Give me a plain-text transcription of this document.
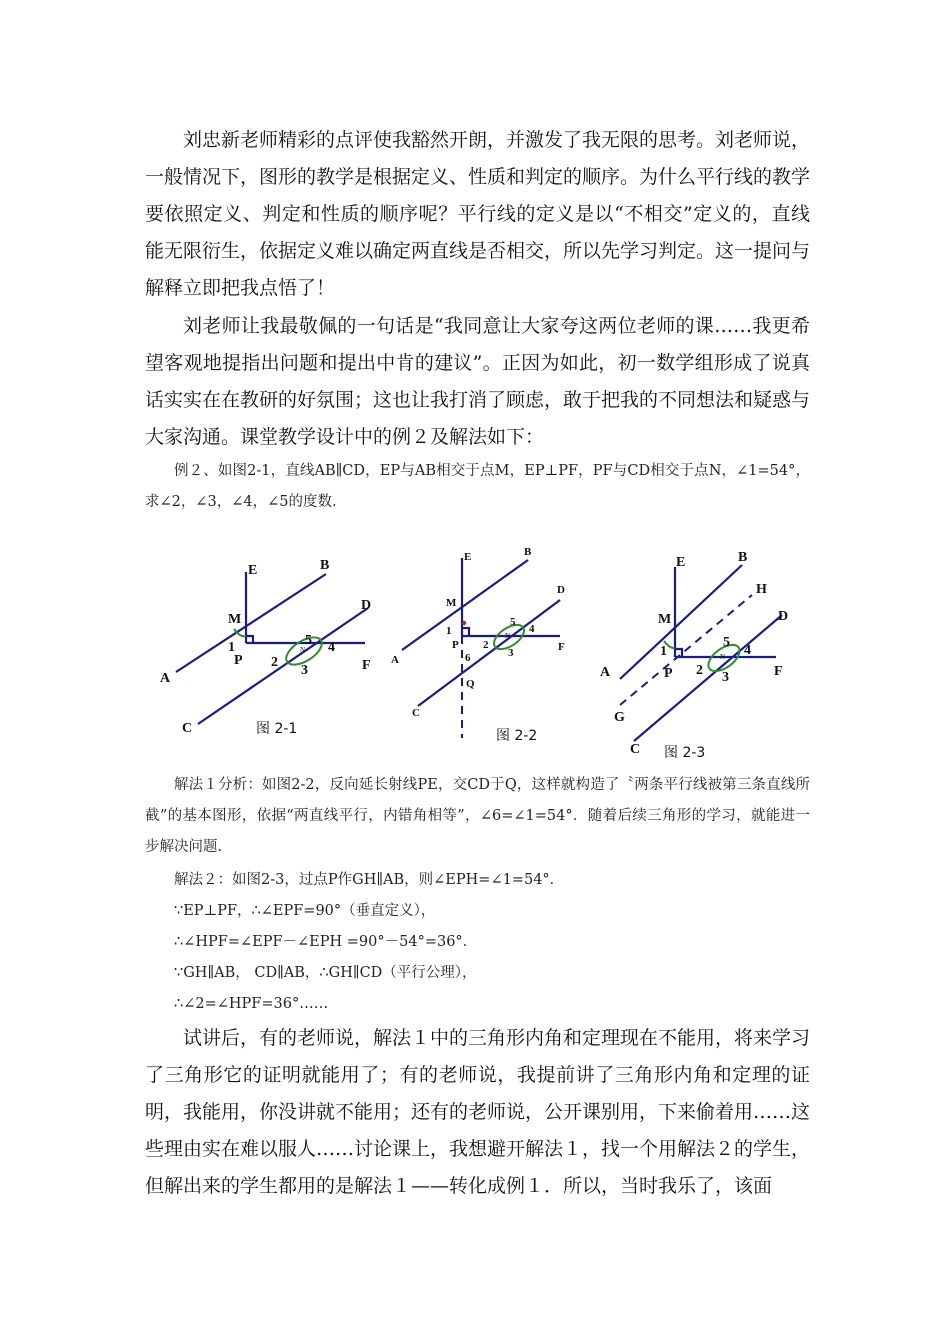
刘忠新老师精彩的点评使我豁然开朗，并激发了我无限的思考。刘老师说，一般情况下，图形的教学是根据定义、性质和判定的顺序。为什么平行线的教学要依照定义、判定和性质的顺序呢？平行线的定义是以“不相交”定义的，直线能无限衍生，依据定义难以确定两直线是否相交，所以先学习判定。这一提问与解释立即把我点悟了！

刘老师让我最敬佩的一句话是“我同意让大家夸这两位老师的课……我更希望客观地提指出问题和提出中肯的建议”。正因为如此，初一数学组形成了说真话实实在在教研的好氛围；这也让我打消了顾虑，敢于把我的不同想法和疑惑与大家沟通。课堂教学设计中的例２及解法如下：

例２、如图2-1，直线AB∥CD，EP与AB相交于点M，EP⊥PF，PF与CD相交于点N，∠1=54°，求∠2，∠3，∠4，∠5的度数.

A
B
C
D
E
F
M
P
N
1
2
3
4
5
图 2-1
A
B
C
D
E
F
M
P
N
Q
1
2
3
4
5
6
图 2-2
A
B
C
D
E
F
G
H
M
P
N
1
2 3
4
5
图 2-3

解法１分析：如图2-2，反向延长射线PE，交CD于Q，这样就构造了〝两条平行线被第三条直线所截”的基本图形，依据“两直线平行，内错角相等”，∠6=∠1=54°．随着后续三角形的学习，就能进一步解决问题.

解法２：如图2-3，过点P作GH∥AB，则∠EPH=∠1=54°．

∵EP⊥PF，∴∠EPF=90°（垂直定义），

∴∠HPF=∠EPF－∠EPH =90°－54°=36°．

∵GH∥AB， CD∥AB，∴GH∥CD（平行公理），

∴∠2=∠HPF=36°……

试讲后，有的老师说，解法１中的三角形内角和定理现在不能用，将来学习了三角形它的证明就能用了；有的老师说，我提前讲了三角形内角和定理的证明，我能用，你没讲就不能用；还有的老师说，公开课别用，下来偷着用……这些理由实在难以服人……讨论课上，我想避开解法１，找一个用解法２的学生，但解出来的学生都用的是解法１——转化成例１．所以，当时我乐了，该面
